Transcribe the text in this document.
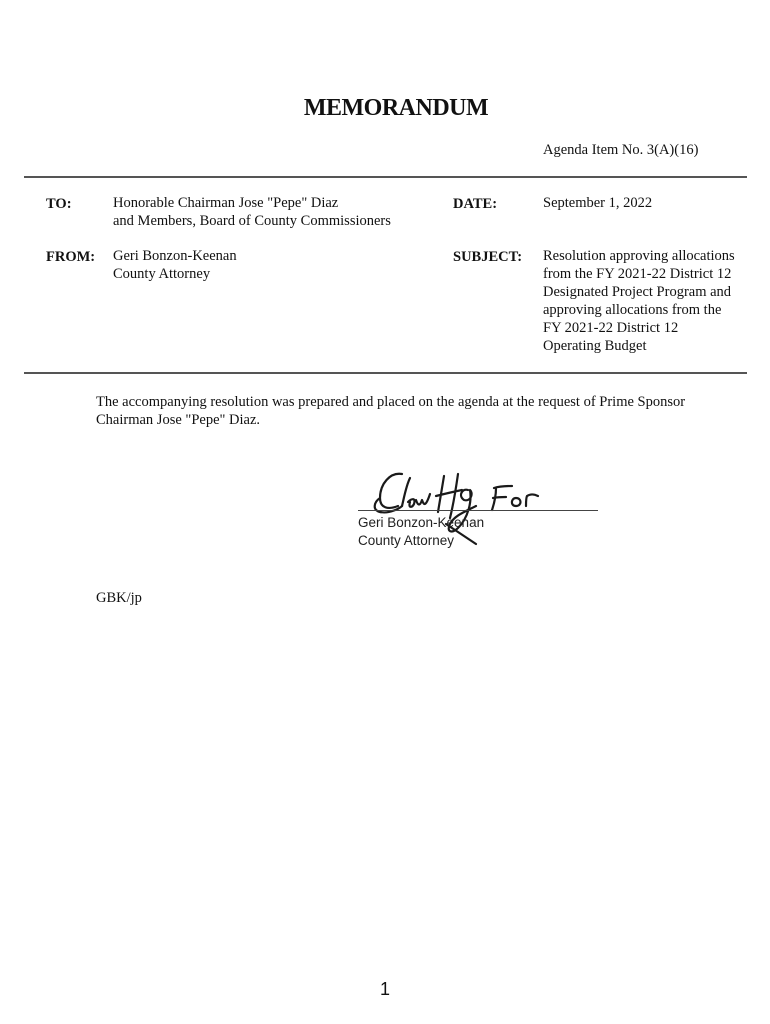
MEMORANDUM
Agenda Item No. 3(A)(16)
TO:	Honorable Chairman Jose "Pepe" Diaz
and Members, Board of County Commissioners
DATE:	September 1, 2022
FROM: Geri Bonzon-Keenan
County Attorney
SUBJECT: Resolution approving allocations
from the FY 2021-22 District 12
Designated Project Program and
approving allocations from the
FY 2021-22 District 12
Operating Budget
The accompanying resolution was prepared and placed on the agenda at the request of Prime Sponsor
Chairman Jose "Pepe" Diaz.
Geri Bonzon-Keenan
County Attorney
GBK/jp
1
